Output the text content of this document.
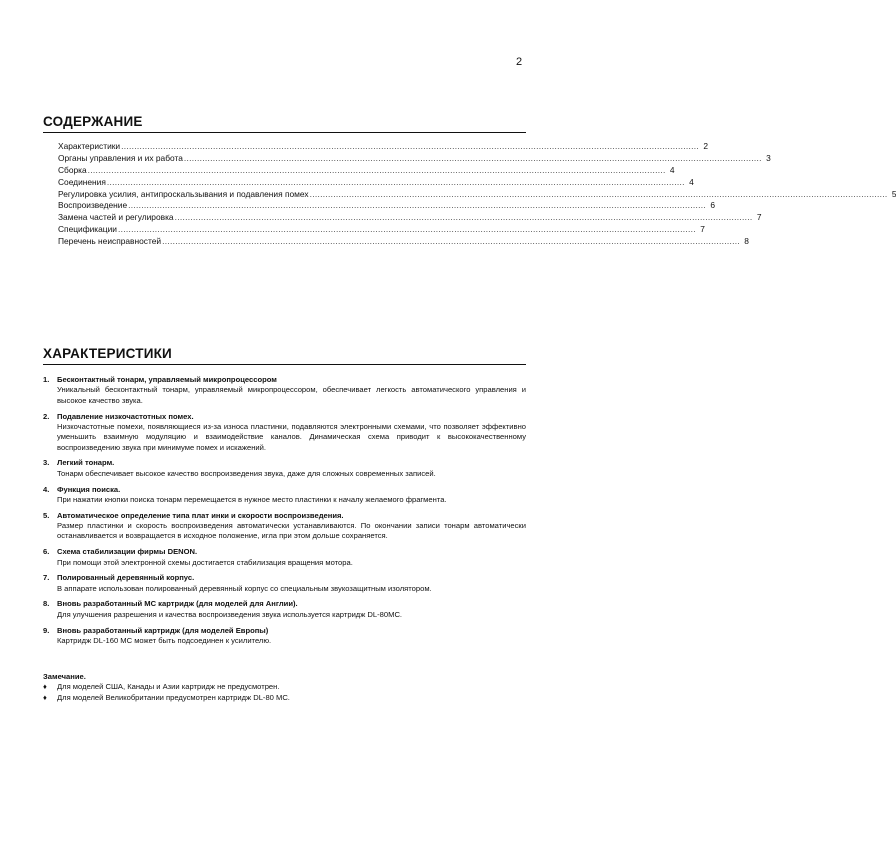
2
СОДЕРЖАНИЕ
Характеристики ............................................................................................................................................................................................................................ 2
Органы управления и их работа ............................................................................................................................................................................................................................ 3
Сборка ............................................................................................................................................................................................................................ 4
Соединения ............................................................................................................................................................................................................................ 4
Регулировка усилия, антипроскальзывания и подавления помех ............................................................................................................................................................................................................................ 5
Воспроизведение ............................................................................................................................................................................................................................ 6
Замена частей и регулировка ............................................................................................................................................................................................................................ 7
Спецификации ............................................................................................................................................................................................................................ 7
Перечень неисправностей ............................................................................................................................................................................................................................ 8
ХАРАКТЕРИСТИКИ
1.	Бесконтактный тонарм, управляемый микропроцессором
Уникальный бесконтактный тонарм, управляемый микропроцессором, обеспечивает легкость автоматического управления и высокое качество звука.
2.	Подавление низкочастотных помех.
Низкочастотные помехи, появляющиеся из-за износа пластинки, подавляются электронными схемами, что позволяет эффективно уменьшить взаимную модуляцию и взаимодействие каналов. Динамическая схема приводит к высококачественному воспроизведению звука при минимуме помех и искажений.
3.	Легкий тонарм.
Тонарм обеспечивает высокое качество воспроизведения звука, даже для сложных современных записей.
4.	Функция поиска.
При нажатии кнопки поиска тонарм перемещается в нужное место пластинки к началу желаемого фрагмента.
5.	Автоматическое определение типа плат инки и скорости воспроизведения.
Размер пластинки и скорость воспроизведения автоматически устанавливаются. По окончании записи тонарм автоматически останавливается и возвращается в исходное положение, игла при этом дольше сохраняется.
6.	Схема стабилизации фирмы DENON.
При помощи этой электронной схемы достигается стабилизация вращения мотора.
7.	Полированный деревянный корпус.
В аппарате использован полированный деревянный корпус со специальным звукозащитным изолятором.
8.	Вновь разработанный МС картридж (для моделей для Англии).
Для улучшения разрешения и качества воспроизведения звука используется картридж DL-80MC.
9.	Вновь разработанный картридж (для моделей Европы)
Картридж DL-160 MC может быть подсоединен к усилителю.
Замечание.
♦	Для моделей США, Канады и Азии картридж не предусмотрен.
♦	Для моделей Великобритании предусмотрен картридж DL-80 MC.
